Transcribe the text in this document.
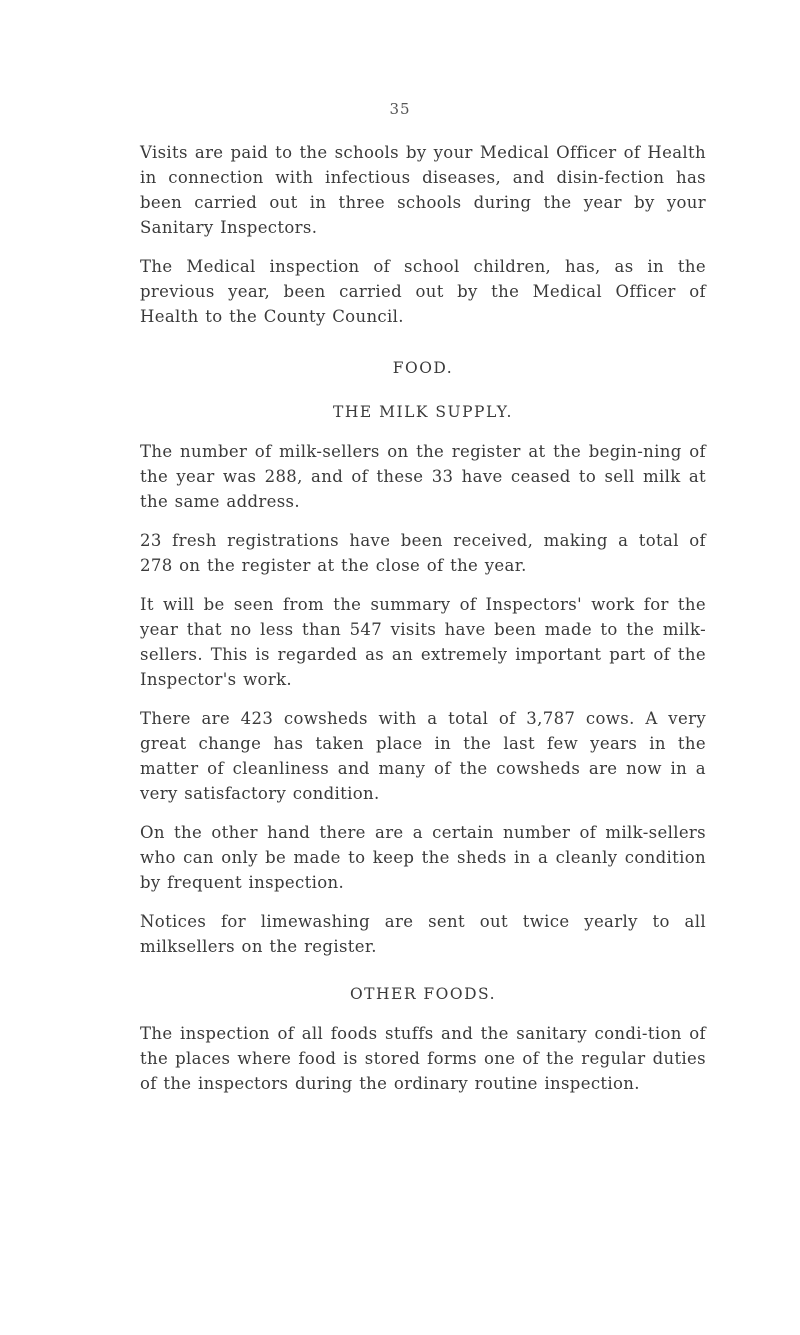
35

Visits are paid to the schools by your Medical Officer of Health in connection with infectious diseases, and disin-fection has been carried out in three schools during the year by your Sanitary Inspectors.

The Medical inspection of school children, has, as in the previous year, been carried out by the Medical Officer of Health to the County Council.

FOOD.
THE MILK SUPPLY.

The number of milk-sellers on the register at the begin-ning of the year was 288, and of these 33 have ceased to sell milk at the same address.

23 fresh registrations have been received, making a total of 278 on the register at the close of the year.

It will be seen from the summary of Inspectors' work for the year that no less than 547 visits have been made to the milk-sellers. This is regarded as an extremely important part of the Inspector's work.

There are 423 cowsheds with a total of 3,787 cows. A very great change has taken place in the last few years in the matter of cleanliness and many of the cowsheds are now in a very satisfactory condition.

On the other hand there are a certain number of milk-sellers who can only be made to keep the sheds in a cleanly condition by frequent inspection.

Notices for limewashing are sent out twice yearly to all milksellers on the register.

OTHER FOODS.

The inspection of all foods stuffs and the sanitary condi-tion of the places where food is stored forms one of the regular duties of the inspectors during the ordinary routine inspection.
